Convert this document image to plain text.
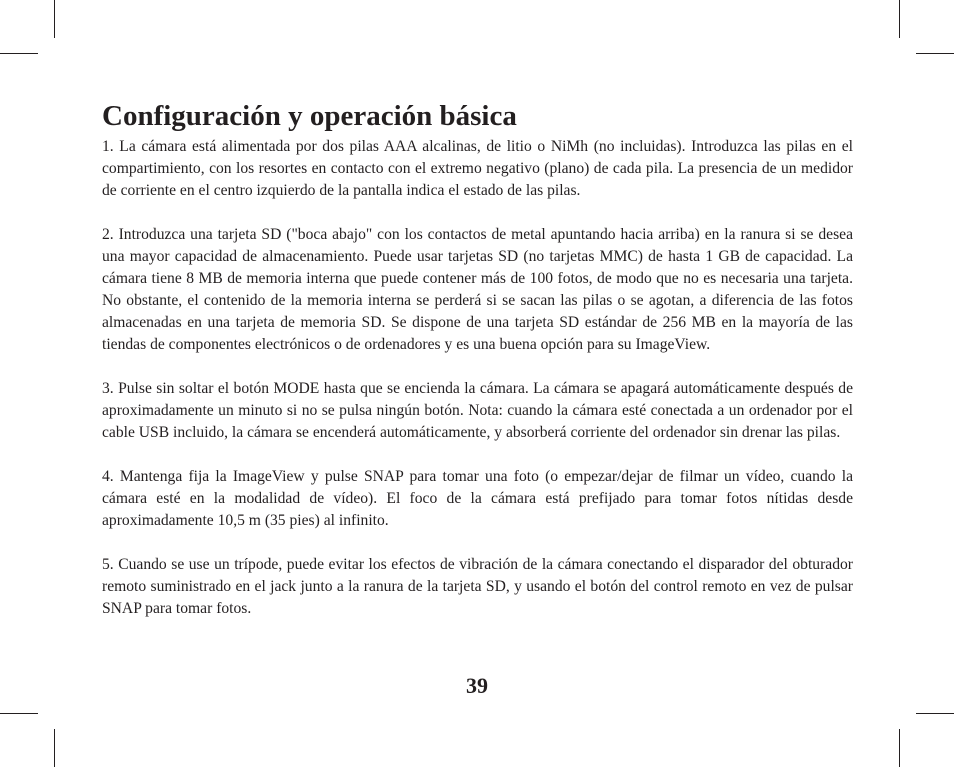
Configuración y operación básica

1. La cámara está alimentada por dos pilas AAA alcalinas, de litio o NiMh (no incluidas). Introduzca las pilas en el compartimiento, con los resortes en contacto con el extremo negativo (plano) de cada pila. La presencia de un medidor de corriente en el centro izquierdo de la pantalla indica el estado de las pilas.

2. Introduzca una tarjeta SD ("boca abajo" con los contactos de metal apuntando hacia arriba) en la ranura si se desea una mayor capacidad de almacenamiento. Puede usar tarjetas SD (no tarjetas MMC) de hasta 1 GB de capacidad. La cámara tiene 8 MB de memoria interna que puede contener más de 100 fotos, de modo que no es necesaria una tarjeta. No obstante, el contenido de la memoria interna se perderá si se sacan las pilas o se agotan, a diferencia de las fotos almacenadas en una tarjeta de memoria SD. Se dispone de una tarjeta SD estándar de 256 MB en la mayoría de las tiendas de componentes electrónicos o de ordenadores y es una buena opción para su ImageView.

3. Pulse sin soltar el botón MODE hasta que se encienda la cámara. La cámara se apagará automáticamente después de aproximadamente un minuto si no se pulsa ningún botón. Nota: cuando la cámara esté conectada a un ordenador por el cable USB incluido, la cámara se encenderá automáticamente, y absorberá corriente del ordenador sin drenar las pilas.

4. Mantenga fija la ImageView y pulse SNAP para tomar una foto (o empezar/dejar de filmar un vídeo, cuando la cámara esté en la modalidad de vídeo). El foco de la cámara está prefijado para tomar fotos nítidas desde aproximadamente 10,5 m (35 pies) al infinito.

5. Cuando se use un trípode, puede evitar los efectos de vibración de la cámara conectando el disparador del obturador remoto suministrado en el jack junto a la ranura de la tarjeta SD, y usando el botón del control remoto en vez de pulsar SNAP para tomar fotos.

39
